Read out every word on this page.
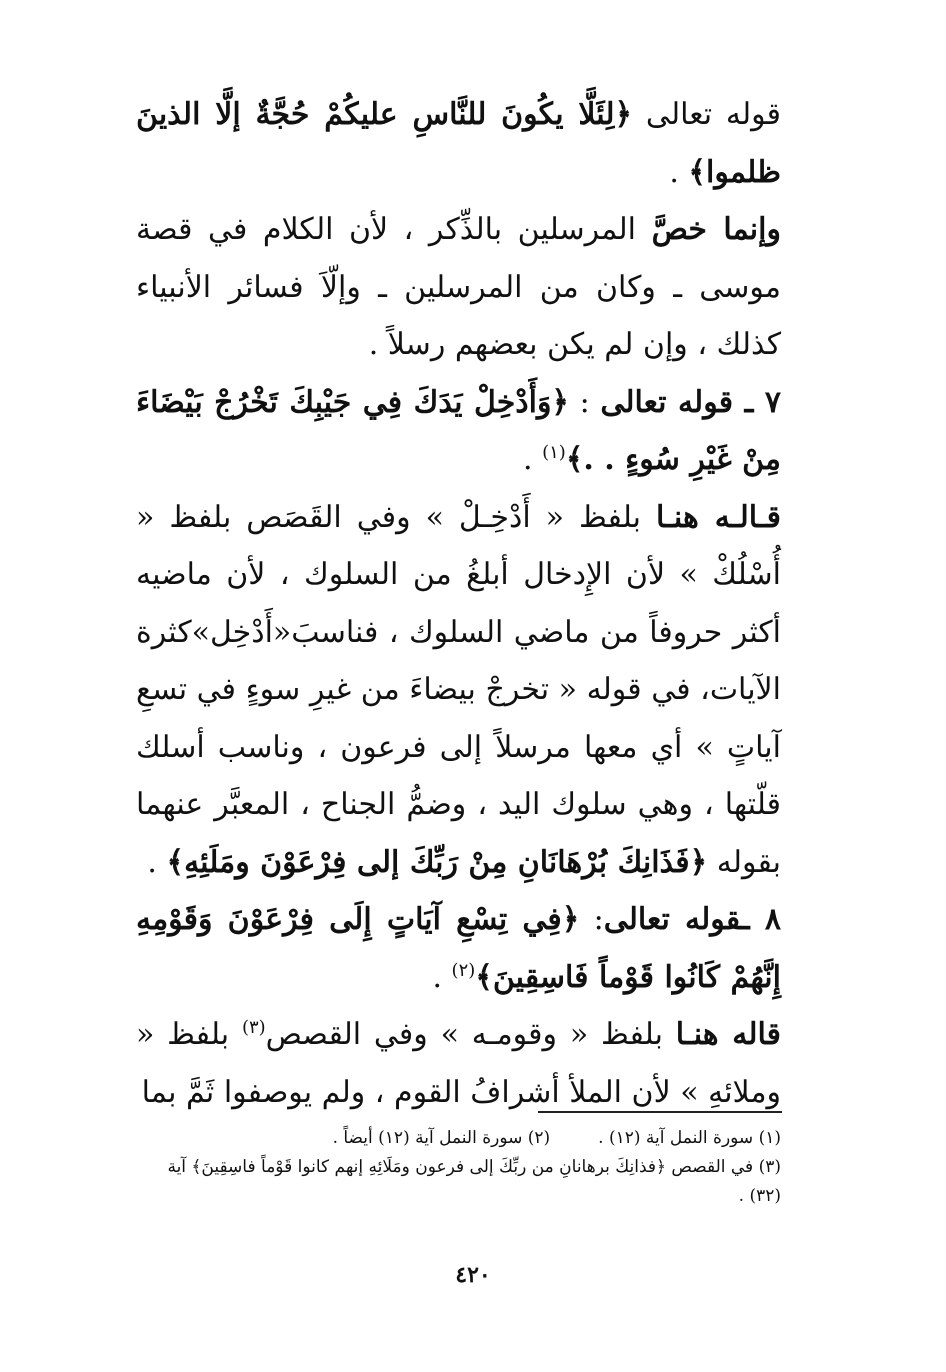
قوله تعالى ﴿لِئَلَّا يكُونَ للنَّاسِ عليكُمْ حُجَّةٌ إلَّا الذينَ ظلموا﴾ .

وإنما خصَّ المرسلين بالذِّكر ، لأن الكلام في قصة موسى ـ وكان من المرسلين ـ وإلّاَ فسائر الأنبياء كذلك ، وإن لم يكن بعضهم رسلاً .

٧ ـ قوله تعالى : ﴿وَأَدْخِلْ يَدَكَ فِي جَيْبِكَ تَخْرُجْ بَيْضَاءَ مِنْ غَيْرِ سُوءٍ . .﴾$^{(١)}$ .

قـالـه هنـا بلفظ « أَدْخِـلْ » وفي القَصَص بلفظ « أُسْلُكْ » لأن الإِدخال أبلغُ من السلوك ، لأن ماضيه أكثر حروفاً من ماضي السلوك ، فناسبَ«أَدْخِل»كثرة الآيات، في قوله « تخرجْ بيضاءَ من غيرِ سوءٍ في تسعِ آياتٍ » أي معها مرسلاً إلى فرعون ، وناسب أسلك قلّتها ، وهي سلوك اليد ، وضمُّ الجناح ، المعبَّر عنهما بقوله ﴿فَذَانِكَ بُرْهَانَانِ مِنْ رَبِّكَ إلى فِرْعَوْنَ ومَلَئِهِ﴾ .

٨ ـقوله تعالى: ﴿فِي تِسْعِ آيَاتٍ إِلَى فِرْعَوْنَ وَقَوْمِهِ إِنَّهُمْ كَانُوا قَوْماً فَاسِقِينَ﴾$^{(٢)}$ .

قاله هنـا بلفظ « وقومـه » وفي القصص$^{(٣)}$ بلفظ « وملائهِ » لأن الملأ أشرافُ القوم ، ولم يوصفوا ثَمَّ بما

(١) سورة النمل آية (١٢) .(٢) سورة النمل آية (١٢) أيضاً .

(٣) في القصص ﴿فذانِكَ برهانانِ من ربِّكَ إلى فرعون ومَلَائِهِ إنهم كانوا قَوْماً فاسِقِينَ﴾ آية (٣٢) .

٤٢٠
